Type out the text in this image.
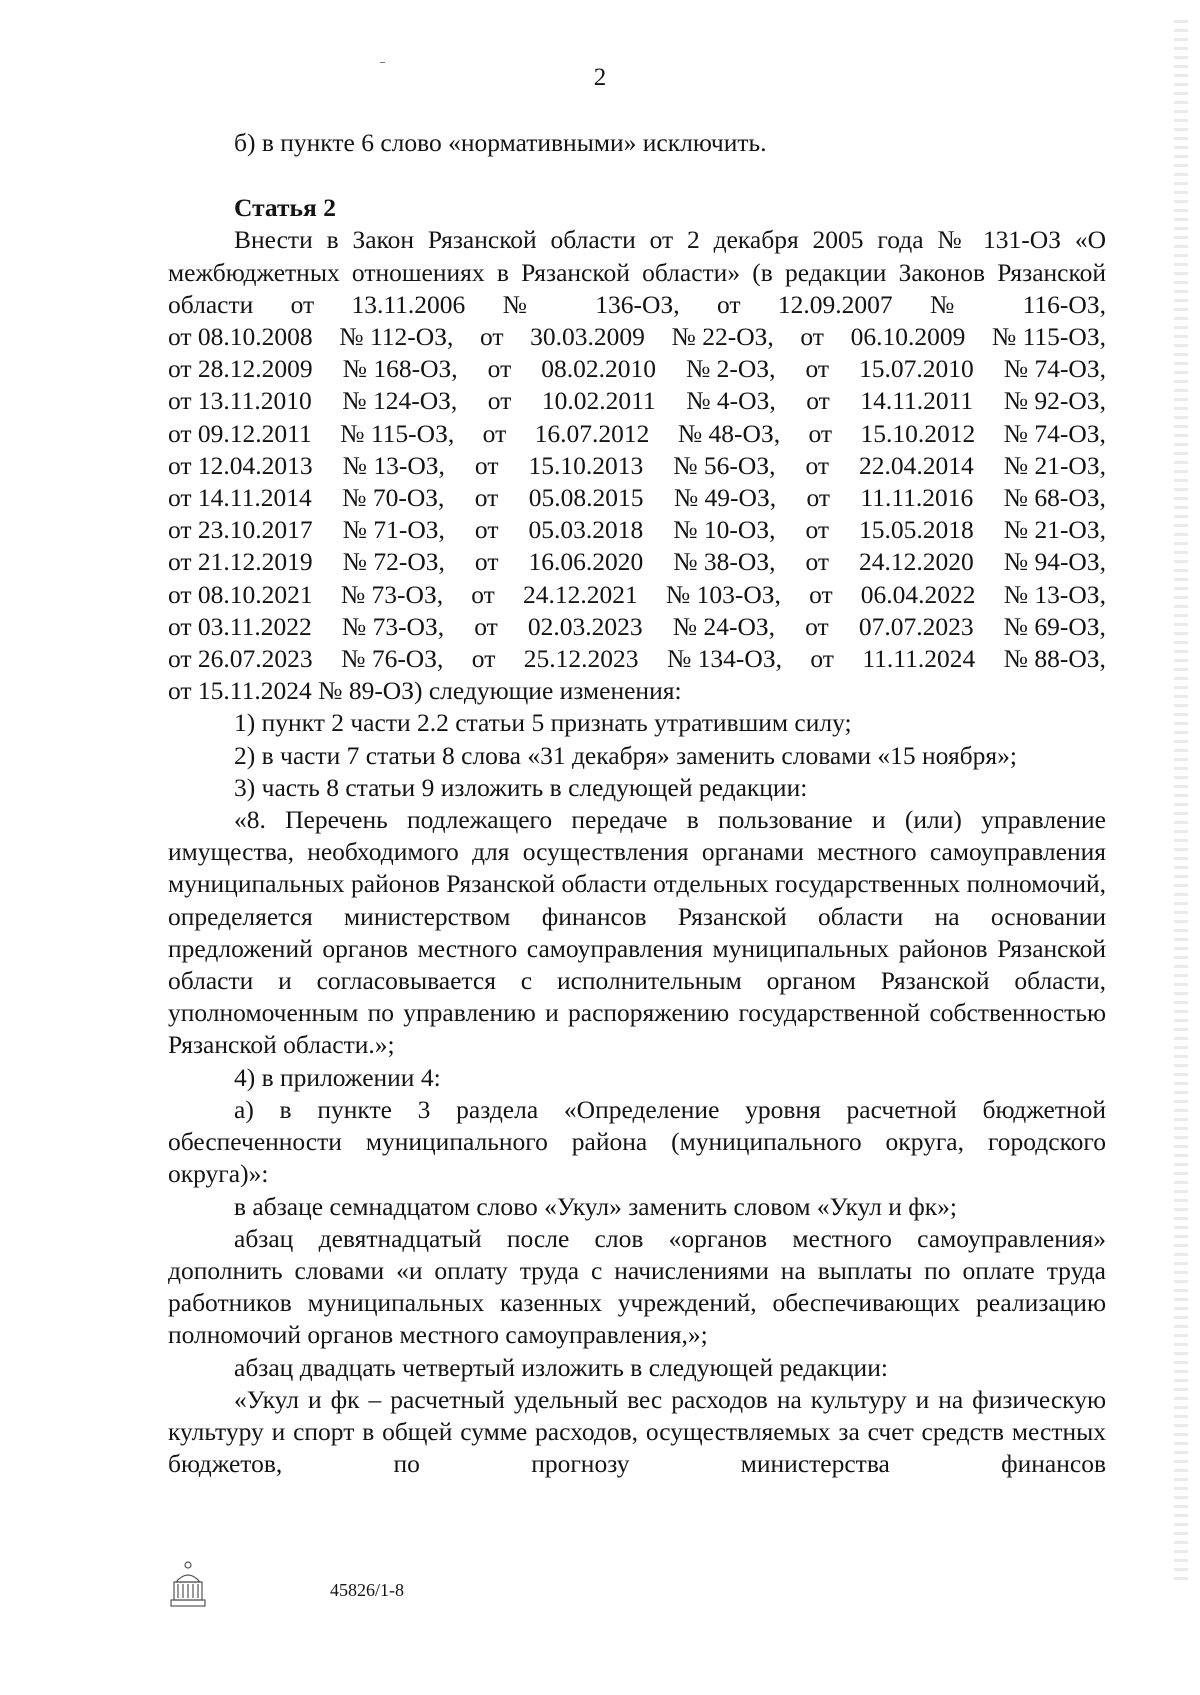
2

б) в пункте 6 слово «нормативными» исключить.

Статья 2

Внести в Закон Рязанской области от 2 декабря 2005 года № 131-ОЗ «О межбюджетных отношениях в Рязанской области» (в редакции Законов Рязанской области от 13.11.2006 № 136-ОЗ, от 12.09.2007 № 116-ОЗ,

от 08.10.2008 № 112-ОЗ, от 30.03.2009 № 22-ОЗ, от 06.10.2009 № 115-ОЗ,
от 28.12.2009 № 168-ОЗ, от 08.02.2010 № 2-ОЗ, от 15.07.2010 № 74-ОЗ,
от 13.11.2010 № 124-ОЗ, от 10.02.2011 № 4-ОЗ, от 14.11.2011 № 92-ОЗ,
от 09.12.2011 № 115-ОЗ, от 16.07.2012 № 48-ОЗ, от 15.10.2012 № 74-ОЗ,
от 12.04.2013 № 13-ОЗ, от 15.10.2013 № 56-ОЗ, от 22.04.2014 № 21-ОЗ,
от 14.11.2014 № 70-ОЗ, от 05.08.2015 № 49-ОЗ, от 11.11.2016 № 68-ОЗ,
от 23.10.2017 № 71-ОЗ, от 05.03.2018 № 10-ОЗ, от 15.05.2018 № 21-ОЗ,
от 21.12.2019 № 72-ОЗ, от 16.06.2020 № 38-ОЗ, от 24.12.2020 № 94-ОЗ,
от 08.10.2021 № 73-ОЗ, от 24.12.2021 № 103-ОЗ, от 06.04.2022 № 13-ОЗ,
от 03.11.2022 № 73-ОЗ, от 02.03.2023 № 24-ОЗ, от 07.07.2023 № 69-ОЗ,
от 26.07.2023 № 76-ОЗ, от 25.12.2023 № 134-ОЗ, от 11.11.2024 № 88-ОЗ,

от 15.11.2024 № 89-ОЗ) следующие изменения:

1) пункт 2 части 2.2 статьи 5 признать утратившим силу;

2) в части 7 статьи 8 слова «31 декабря» заменить словами «15 ноября»;

3) часть 8 статьи 9 изложить в следующей редакции:

«8. Перечень подлежащего передаче в пользование и (или) управление имущества, необходимого для осуществления органами местного самоуправления муниципальных районов Рязанской области отдельных государственных полномочий, определяется министерством финансов Рязанской области на основании предложений органов местного самоуправления муниципальных районов Рязанской области и согласовывается с исполнительным органом Рязанской области, уполномоченным по управлению и распоряжению государственной собственностью Рязанской области.»;

4) в приложении 4:

а) в пункте 3 раздела «Определение уровня расчетной бюджетной обеспеченности муниципального района (муниципального округа, городского округа)»:

в абзаце семнадцатом слово «Укул» заменить словом «Укул и фк»;

абзац девятнадцатый после слов «органов местного самоуправления» дополнить словами «и оплату труда с начислениями на выплаты по оплате труда работников муниципальных казенных учреждений, обеспечивающих реализацию полномочий органов местного самоуправления,»;

абзац двадцать четвертый изложить в следующей редакции:

«Укул и фк – расчетный удельный вес расходов на культуру и на физическую культуру и спорт в общей сумме расходов, осуществляемых за счет средств местных бюджетов, по прогнозу министерства финансов

45826/1-8
